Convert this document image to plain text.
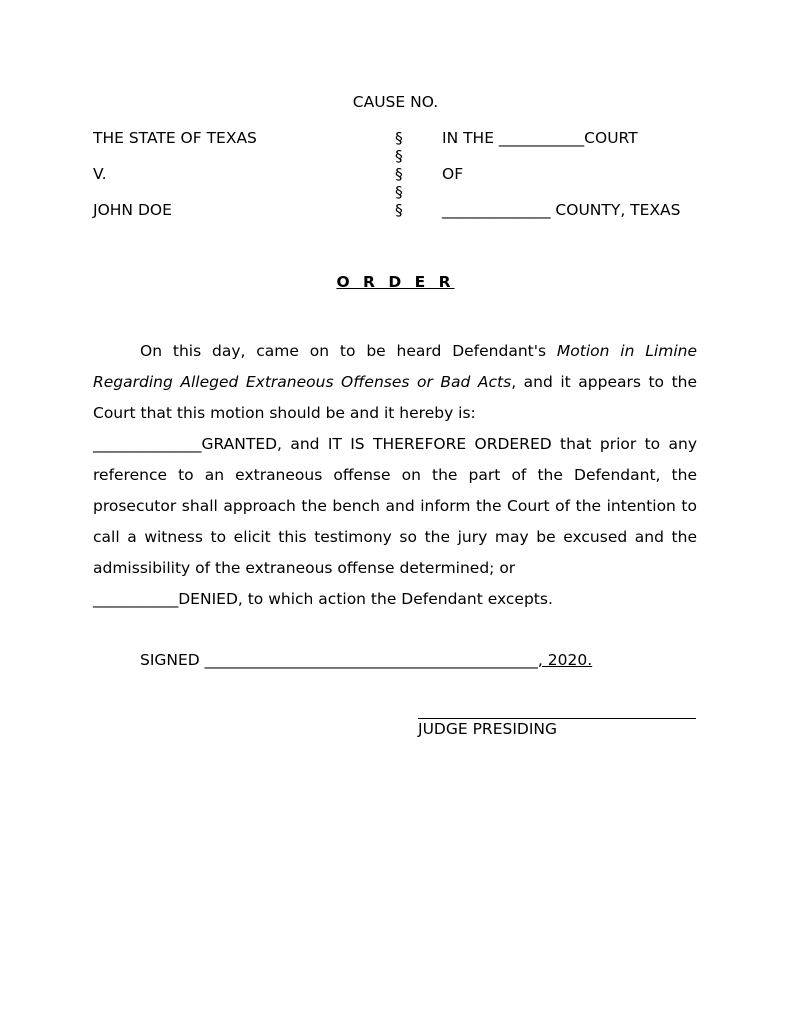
CAUSE NO.
THE STATE OF TEXAS
V.
JOHN DOE
§
§
§
§
§
IN THE ___________COURT
OF
______________ COUNTY, TEXAS
O R D E R

On this day, came on to be heard Defendant's Motion in Limine Regarding Alleged Extraneous Offenses or Bad Acts, and it appears to the Court that this motion should be and it hereby is:

______________GRANTED, and IT IS THEREFORE ORDERED that prior to any reference to an extraneous offense on the part of the Defendant, the prosecutor shall approach the bench and inform the Court of the intention to call a witness to elicit this testimony so the jury may be excused and the admissibility of the extraneous offense determined; or

___________DENIED, to which action the Defendant excepts.

SIGNED ___________________________________________, 2020.
JUDGE PRESIDING
